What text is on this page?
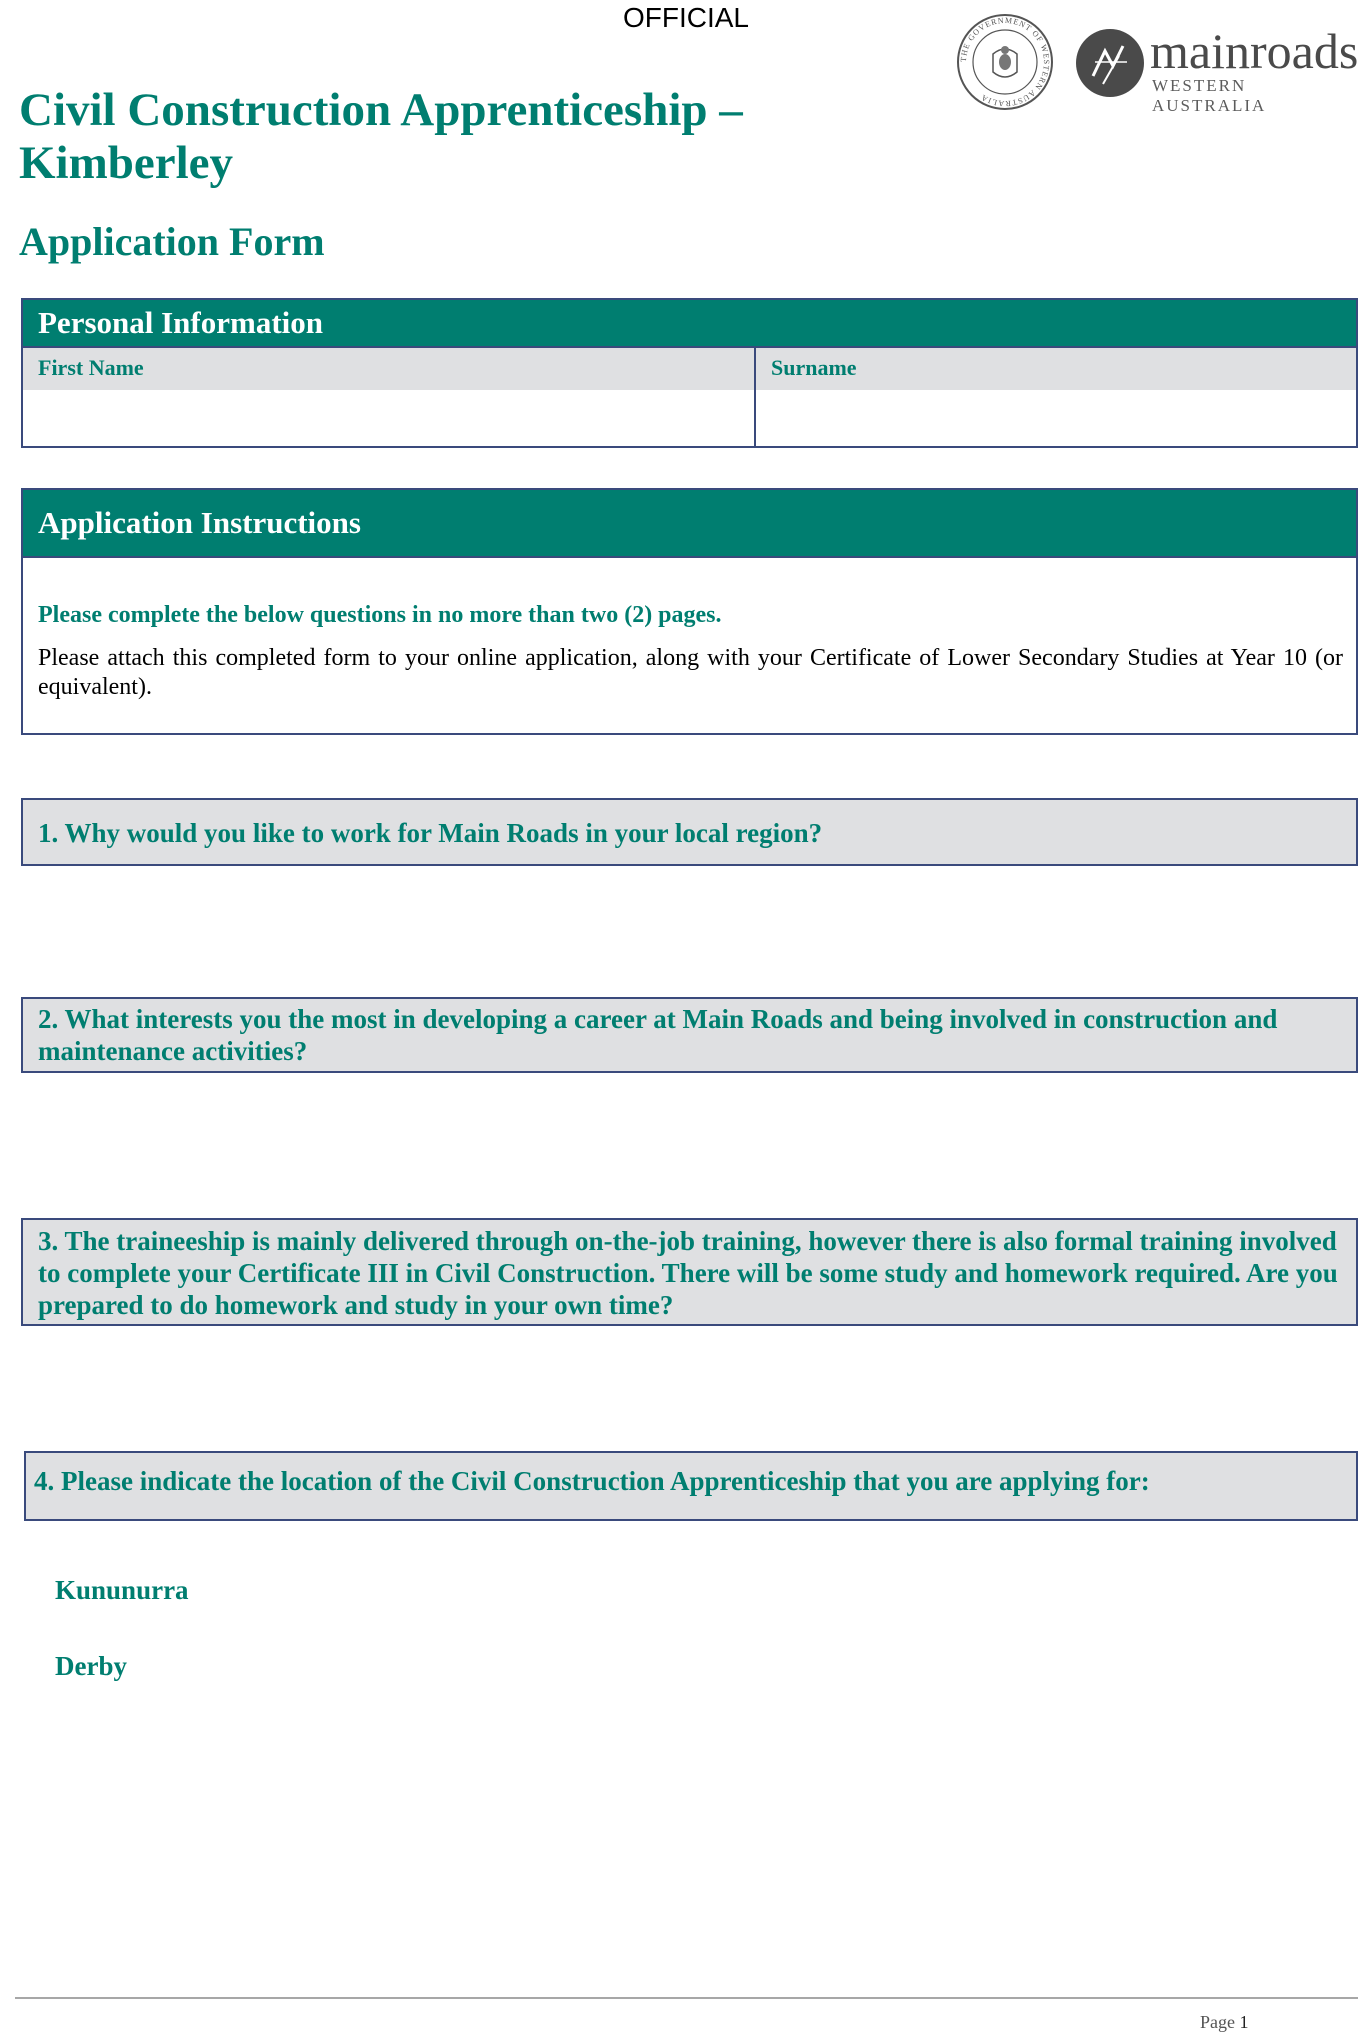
OFFICIAL
THE GOVERNMENT OF WESTERN AUSTRALIA
mainroads
WESTERN AUSTRALIA
Civil Construction Apprenticeship – Kimberley
Application Form
Personal Information
First Name	Surname
Application Instructions
Please complete the below questions in no more than two (2) pages.
Please attach this completed form to your online application, along with your Certificate of Lower Secondary Studies at Year 10 (or equivalent).
1. Why would you like to work for Main Roads in your local region?
2. What interests you the most in developing a career at Main Roads and being involved in construction and maintenance activities?
3. The traineeship is mainly delivered through on-the-job training, however there is also formal training involved to complete your Certificate III in Civil Construction. There will be some study and homework required. Are you prepared to do homework and study in your own time?
4. Please indicate the location of the Civil Construction Apprenticeship that you are applying for:
Kununurra
Derby
Page 1
